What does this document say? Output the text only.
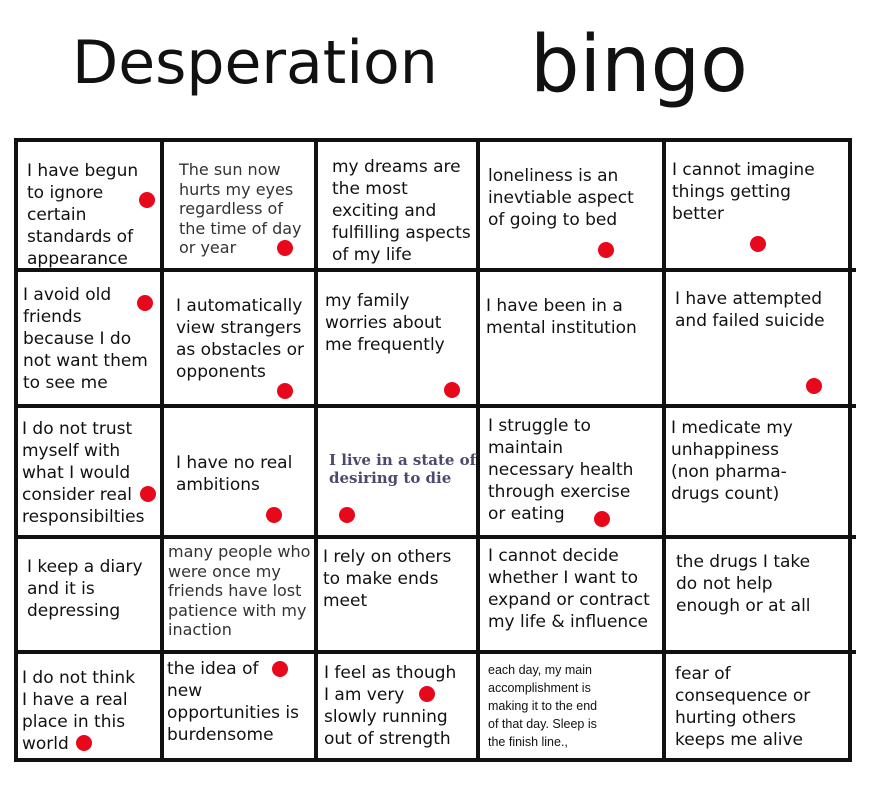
Desperation bingo
I have begun
to ignore
certain
standards of
appearance
The sun now
hurts my eyes
regardless of
the time of day
or year
my dreams are
the most
exciting and
fulfilling aspects
of my life
loneliness is an
inevtiable aspect
of going to bed
I cannot imagine
things getting
better
I avoid old
friends
because I do
not want them
to see me
I automatically
view strangers
as obstacles or
opponents
my family
worries about
me frequently
I have been in a
mental institution
I have attempted
and failed suicide
I do not trust
myself with
what I would
consider real
responsibilties
I have no real
ambitions
I live in a state of
desiring to die
I struggle to
maintain
necessary health
through exercise
or eating
I medicate my
unhappiness
(non pharma-
drugs count)
I keep a diary
and it is
depressing
many people who
were once my
friends have lost
patience with my
inaction
I rely on others
to make ends
meet
I cannot decide
whether I want to
expand or contract
my life & influence
the drugs I take
do not help
enough or at all
I do not think
I have a real
place in this
world
the idea of
new
opportunities is
burdensome
I feel as though
I am very
slowly running
out of strength
each day, my main
accomplishment is
making it to the end
of that day. Sleep is
the finish line.,
fear of
consequence or
hurting others
keeps me alive
